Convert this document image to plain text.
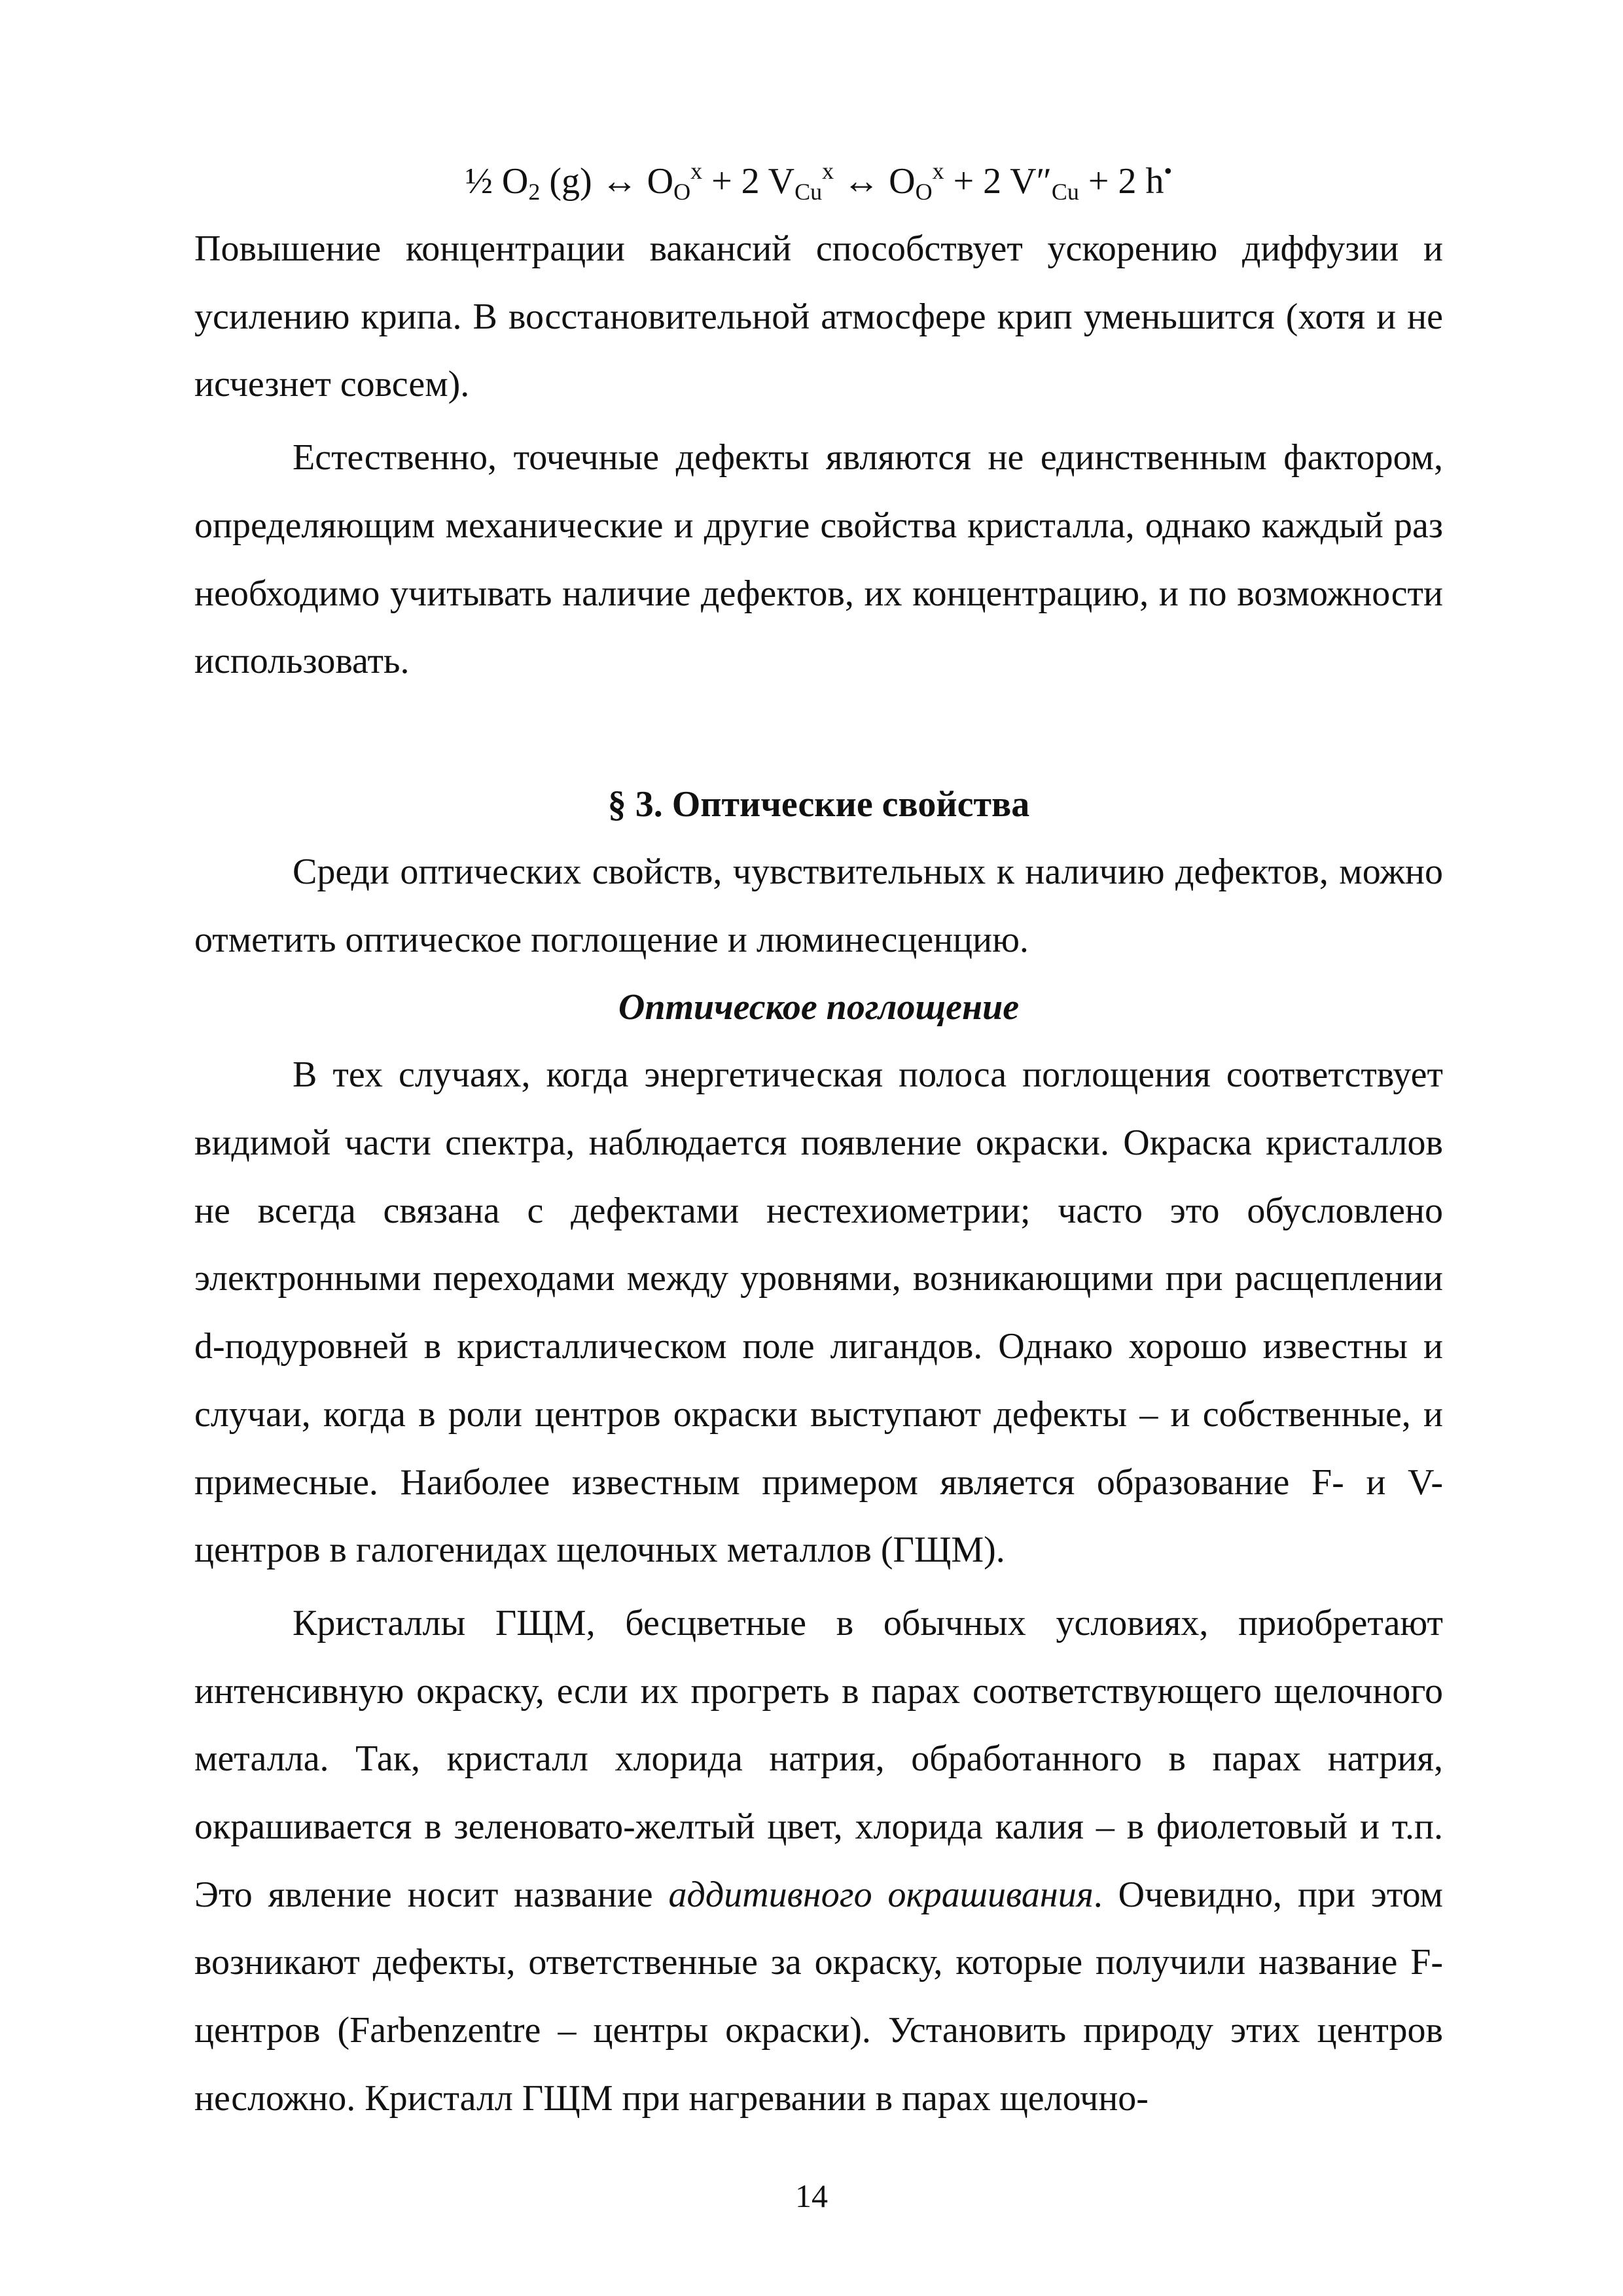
½ $O_2$ (g) ↔ $O_O^x + 2$ $V_{Cu}^x$ ↔ $O_O^x + 2$ $V''_{Cu} + 2$ h•

Повышение концентрации вакансий способствует ускорению диффузии и усилению крипа. В восстановительной атмосфере крип уменьшится (хотя и не исчезнет совсем).

Естественно, точечные дефекты являются не единственным фактором, определяющим механические и другие свойства кристалла, однако каждый раз необходимо учитывать наличие дефектов, их концентрацию, и по возможности использовать.

§ 3. Оптические свойства

Среди оптических свойств, чувствительных к наличию дефектов, можно отметить оптическое поглощение и люминесценцию.

Оптическое поглощение

В тех случаях, когда энергетическая полоса поглощения соответствует видимой части спектра, наблюдается появление окраски. Окраска кристаллов не всегда связана с дефектами нестехиометрии; часто это обусловлено электронными переходами между уровнями, возникающими при расщеплении d-подуровней в кристаллическом поле лигандов. Однако хорошо известны и случаи, когда в роли центров окраски выступают дефекты – и собственные, и примесные. Наиболее известным примером является образование F- и V-центров в галогенидах щелочных металлов (ГЩМ).

Кристаллы ГЩМ, бесцветные в обычных условиях, приобретают интенсивную окраску, если их прогреть в парах соответствующего щелочного металла. Так, кристалл хлорида натрия, обработанного в парах натрия, окрашивается в зеленовато-желтый цвет, хлорида калия – в фиолетовый и т.п. Это явление носит название аддитивного окрашивания. Очевидно, при этом возникают дефекты, ответственные за окраску, которые получили название F-центров (Farbenzentre – центры окраски). Установить природу этих центров несложно. Кристалл ГЩМ при нагревании в парах щелочно-

14
